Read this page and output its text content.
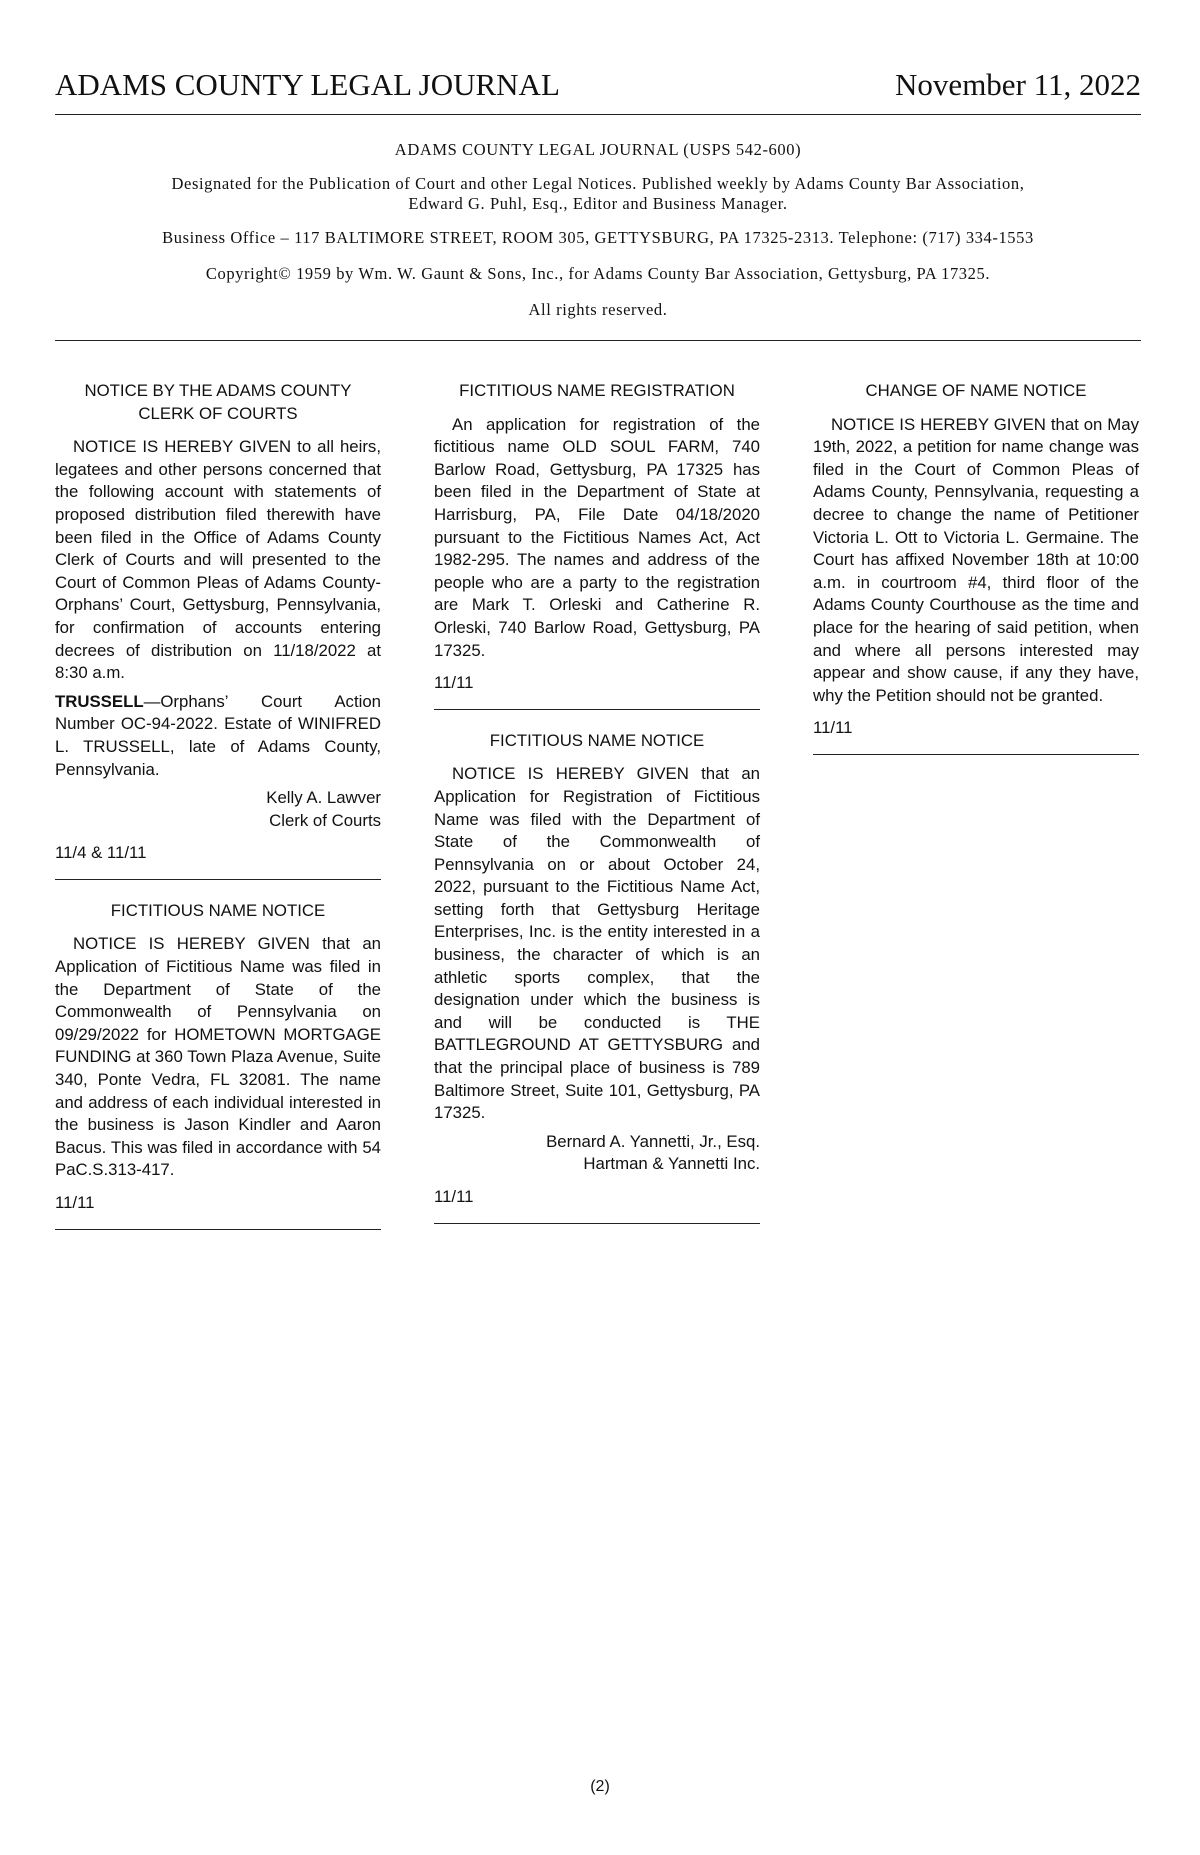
ADAMS COUNTY LEGAL JOURNAL	November 11, 2022

ADAMS COUNTY LEGAL JOURNAL (USPS 542-600)

Designated for the Publication of Court and other Legal Notices. Published weekly by Adams County Bar Association,

Edward G. Puhl, Esq., Editor and Business Manager.

Business Office – 117 BALTIMORE STREET, ROOM 305, GETTYSBURG, PA 17325-2313. Telephone: (717) 334-1553

Copyright© 1959 by Wm. W. Gaunt & Sons, Inc., for Adams County Bar Association, Gettysburg, PA 17325.

All rights reserved.

NOTICE BY THE ADAMS COUNTY
CLERK OF COURTS

NOTICE IS HEREBY GIVEN to all heirs, legatees and other persons concerned that the following account with statements of proposed distribution filed therewith have been filed in the Office of Adams County Clerk of Courts and will presented to the Court of Common Pleas of Adams County-Orphans’ Court, Gettysburg, Pennsylvania, for confirmation of accounts entering decrees of distribution on 11/18/2022 at 8:30 a.m.

TRUSSELL—Orphans’ Court Action Number OC-94-2022. Estate of WINIFRED L. TRUSSELL, late of Adams County, Pennsylvania.

Kelly A. Lawver
Clerk of Courts

11/4 & 11/11

FICTITIOUS NAME NOTICE

NOTICE IS HEREBY GIVEN that an Application of Fictitious Name was filed in the Department of State of the Commonwealth of Pennsylvania on 09/29/2022 for HOMETOWN MORTGAGE FUNDING at 360 Town Plaza Avenue, Suite 340, Ponte Vedra, FL 32081. The name and address of each individual interested in the business is Jason Kindler and Aaron Bacus. This was filed in accordance with 54 PaC.S.313-417.

11/11

FICTITIOUS NAME REGISTRATION

An application for registration of the fictitious name OLD SOUL FARM, 740 Barlow Road, Gettysburg, PA 17325 has been filed in the Department of State at Harrisburg, PA, File Date 04/18/2020 pursuant to the Fictitious Names Act, Act 1982-295. The names and address of the people who are a party to the registration are Mark T. Orleski and Catherine R. Orleski, 740 Barlow Road, Gettysburg, PA 17325.

11/11

FICTITIOUS NAME NOTICE

NOTICE IS HEREBY GIVEN that an Application for Registration of Fictitious Name was filed with the Department of State of the Commonwealth of Pennsylvania on or about October 24, 2022, pursuant to the Fictitious Name Act, setting forth that Gettysburg Heritage Enterprises, Inc. is the entity interested in a business, the character of which is an athletic sports complex, that the designation under which the business is and will be conducted is THE BATTLEGROUND AT GETTYSBURG and that the principal place of business is 789 Baltimore Street, Suite 101, Gettysburg, PA 17325.

Bernard A. Yannetti, Jr., Esq.
Hartman & Yannetti Inc.

11/11

CHANGE OF NAME NOTICE

NOTICE IS HEREBY GIVEN that on May 19th, 2022, a petition for name change was filed in the Court of Common Pleas of Adams County, Pennsylvania, requesting a decree to change the name of Petitioner Victoria L. Ott to Victoria L. Germaine. The Court has affixed November 18th at 10:00 a.m. in courtroom #4, third floor of the Adams County Courthouse as the time and place for the hearing of said petition, when and where all persons interested may appear and show cause, if any they have, why the Petition should not be granted.

11/11

(2)
